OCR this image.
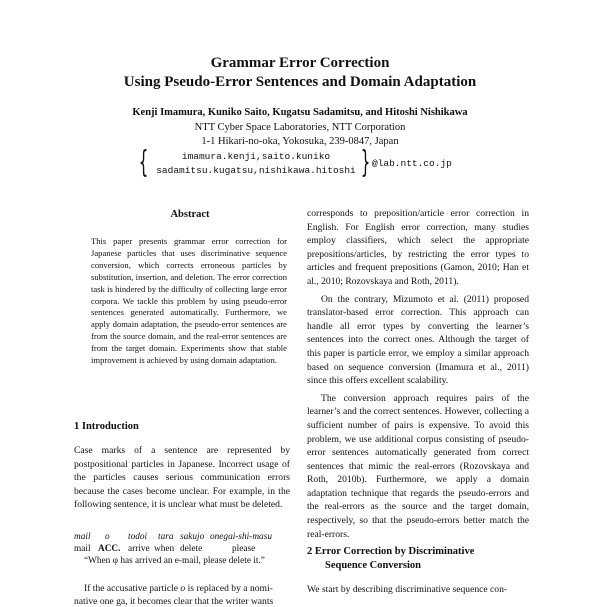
Grammar Error Correction
Using Pseudo-Error Sentences and Domain Adaptation
Kenji Imamura, Kuniko Saito, Kugatsu Sadamitsu, and Hitoshi Nishikawa
NTT Cyber Space Laboratories, NTT Corporation
1-1 Hikari-no-oka, Yokosuka, 239-0847, Japan
{	imamura.kenji,saito.kuniko
sadamitsu.kugatsu,nishikawa.hitoshi } @lab.ntt.co.jp
Abstract
This paper presents grammar error correction for Japanese particles that uses discriminative sequence conversion, which corrects erroneous particles by substitution, insertion, and deletion. The error correction task is hindered by the difficulty of collecting large error corpora. We tackle this problem by using pseudo-error sentences generated automatically. Furthermore, we apply domain adaptation, the pseudo-error sentences are from the source domain, and the real-error sentences are from the target domain. Experiments show that stable improvement is achieved by using domain adaptation.
1 Introduction
Case marks of a sentence are represented by postpositional particles in Japanese. Incorrect usage of the particles causes serious communication errors because the cases become unclear. For example, in the following sentence, it is unclear what must be deleted.
mail o todoi tara sakujo onegai-shi-masu
mail ACC. arrive when delete	please
“When φ has arrived an e-mail, please delete it.”
If the accusative particle o is replaced by a nomi-
native one ga, it becomes clear that the writer wants

corresponds to preposition/article error correction in English. For English error correction, many studies employ classifiers, which select the appropriate prepositions/articles, by restricting the error types to articles and frequent prepositions (Gamon, 2010; Han et al., 2010; Rozovskaya and Roth, 2011).

On the contrary, Mizumoto et al. (2011) proposed translator-based error correction. This approach can handle all error types by converting the learner’s sentences into the correct ones. Although the target of this paper is particle error, we employ a similar approach based on sequence conversion (Imamura et al., 2011) since this offers excellent scalability.

The conversion approach requires pairs of the learner’s and the correct sentences. However, collecting a sufficient number of pairs is expensive. To avoid this problem, we use additional corpus consisting of pseudo-error sentences automatically generated from correct sentences that mimic the real-errors (Rozovskaya and Roth, 2010b). Furthermore, we apply a domain adaptation technique that regards the pseudo-errors and the real-errors as the source and the target domain, respectively, so that the pseudo-errors better match the real-errors.

2 Error Correction by Discriminative
Sequence Conversion
We start by describing discriminative sequence con-
